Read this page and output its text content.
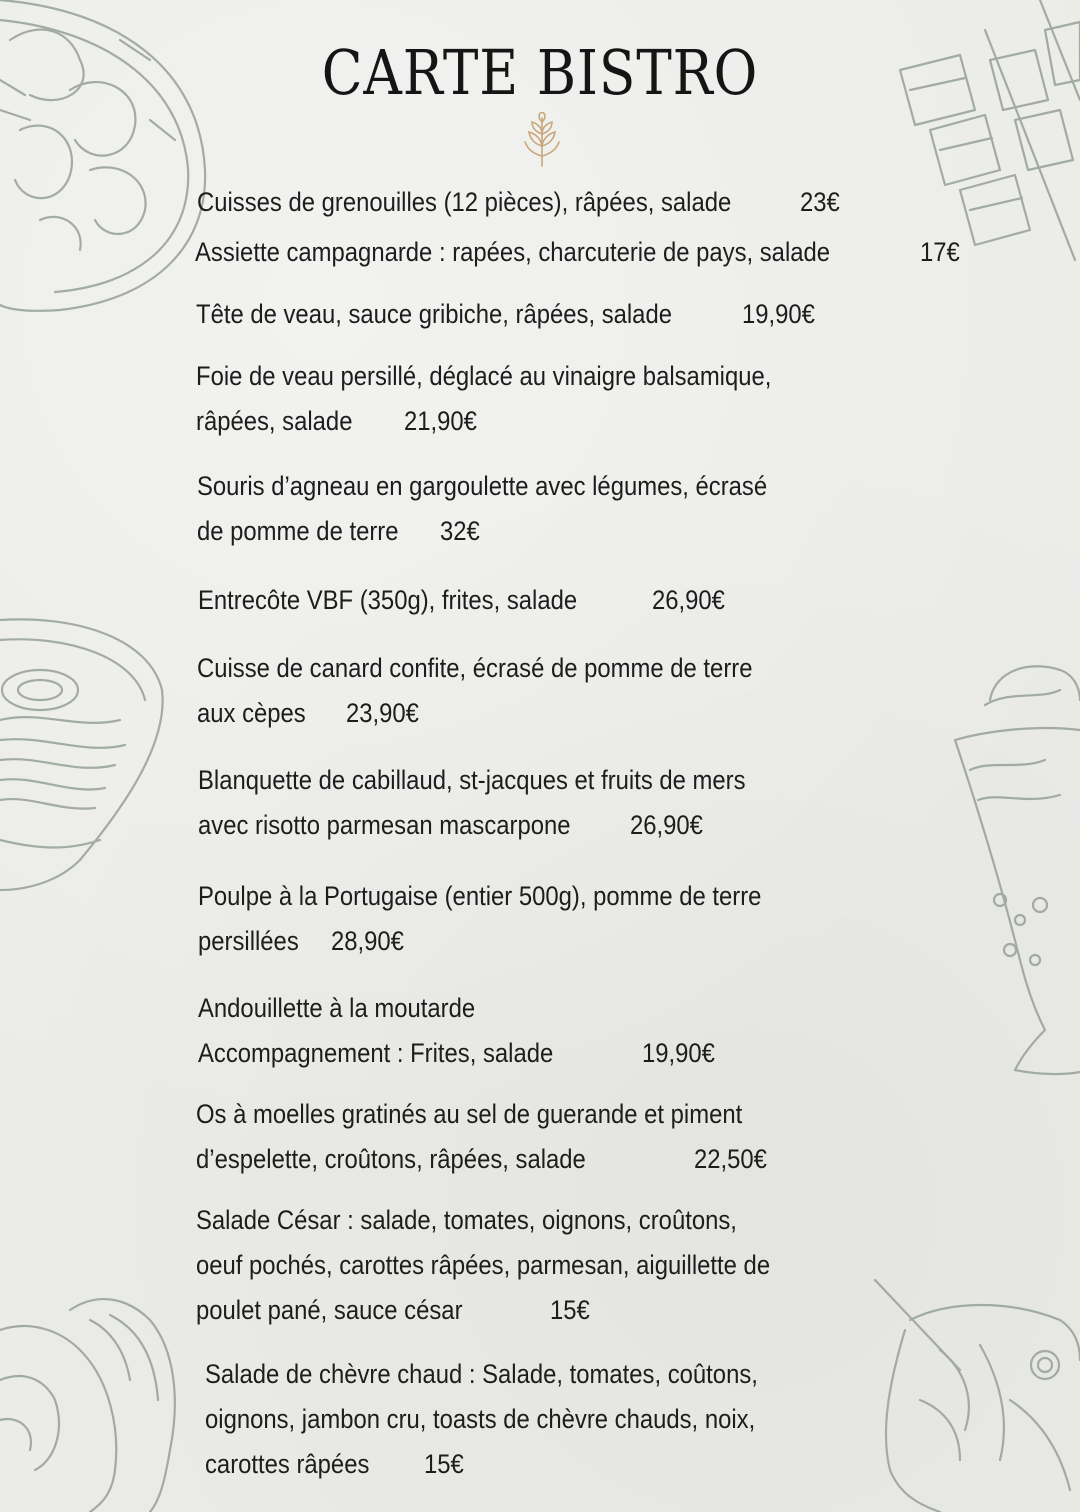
CARTE BISTRO
Cuisses de grenouilles (12 pièces), râpées, salade	23€
Assiette campagnarde : rapées, charcuterie de pays, salade	17€
Tête de veau, sauce gribiche, râpées, salade	19,90€
Foie de veau persillé, déglacé au vinaigre balsamique,
râpées, salade	21,90€
Souris d’agneau en gargoulette avec légumes, écrasé
de pomme de terre	32€
Entrecôte VBF (350g), frites, salade	26,90€
Cuisse de canard confite, écrasé de pomme de terre
aux cèpes	23,90€
Blanquette de cabillaud, st-jacques et fruits de mers
avec risotto parmesan mascarpone	26,90€
Poulpe à la Portugaise (entier 500g), pomme de terre
persillées	28,90€
Andouillette à la moutarde
Accompagnement : Frites, salade	19,90€
Os à moelles gratinés au sel de guerande et piment
d’espelette, croûtons, râpées, salade	22,50€
Salade César : salade, tomates, oignons, croûtons,
oeuf pochés, carottes râpées, parmesan, aiguillette de
poulet pané, sauce césar	15€
Salade de chèvre chaud : Salade, tomates, coûtons,
oignons, jambon cru, toasts de chèvre chauds, noix,
carottes râpées	15€
